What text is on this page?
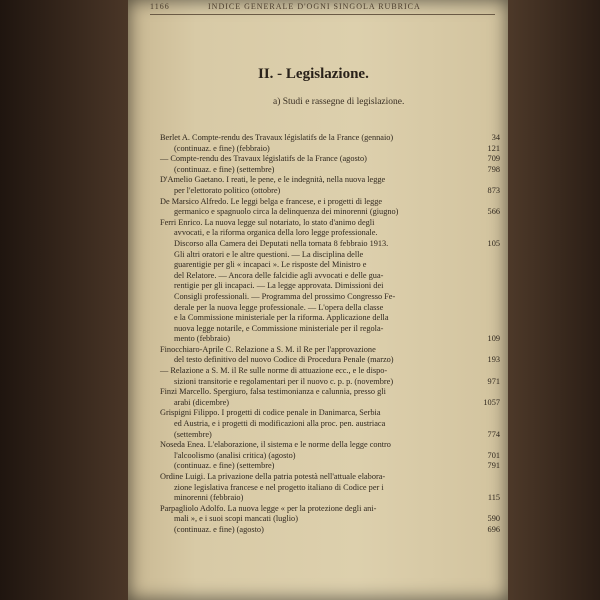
1166	INDICE GENERALE D'OGNI SINGOLA RUBRICA
II. - Legislazione.
a) Studi e rassegne di legislazione.
Berlet A. Compte-rendu des Travaux législatifs de la France (gennaio)	34
(continuaz. e fine) (febbraio)	121
— Compte-rendu des Travaux législatifs de la France (agosto)	709
(continuaz. e fine) (settembre)	798
D'Amelio Gaetano. I reati, le pene, e le indegnità, nella nuova legge
per l'elettorato politico (ottobre)	873
De Marsico Alfredo. Le leggi belga e francese, e i progetti di legge
germanico e spagnuolo circa la delinquenza dei minorenni (giugno)	566
Ferri Enrico. La nuova legge sul notariato, lo stato d'animo degli
avvocati, e la riforma organica della loro legge professionale.
Discorso alla Camera dei Deputati nella tornata 8 febbraio 1913.	105
Gli altri oratori e le altre questioni. — La disciplina delle
guarentigie per gli « incapaci ». Le risposte del Ministro e
del Relatore. — Ancora delle falcidie agli avvocati e delle gua-
rentigie per gli incapaci. — La legge approvata. Dimissioni dei
Consigli professionali. — Programma del prossimo Congresso Fe-
derale per la nuova legge professionale. — L'opera della classe
e la Commissione ministeriale per la riforma. Applicazione della
nuova legge notarile, e Commissione ministeriale per il regola-
mento (febbraio)	109
Finocchiaro-Aprile C. Relazione a S. M. il Re per l'approvazione
del testo definitivo del nuovo Codice di Procedura Penale (marzo)	193
— Relazione a S. M. il Re sulle norme di attuazione ecc., e le dispo-
sizioni transitorie e regolamentari per il nuovo c. p. p. (novembre)	971
Finzi Marcello. Spergiuro, falsa testimonianza e calunnia, presso gli
arabi (dicembre)	1057
Grispigni Filippo. I progetti di codice penale in Danimarca, Serbia
ed Austria, e i progetti di modificazioni alla proc. pen. austriaca
(settembre)	774
Noseda Enea. L'elaborazione, il sistema e le norme della legge contro
l'alcoolismo (analisi critica) (agosto)	701
(continuaz. e fine) (settembre)	791
Ordine Luigi. La privazione della patria potestà nell'attuale elabora-
zione legislativa francese e nel progetto italiano di Codice per i
minorenni (febbraio)	115
Parpagliolo Adolfo. La nuova legge « per la protezione degli ani-
mali », e i suoi scopi mancati (luglio)	590
(continuaz. e fine) (agosto)	696
